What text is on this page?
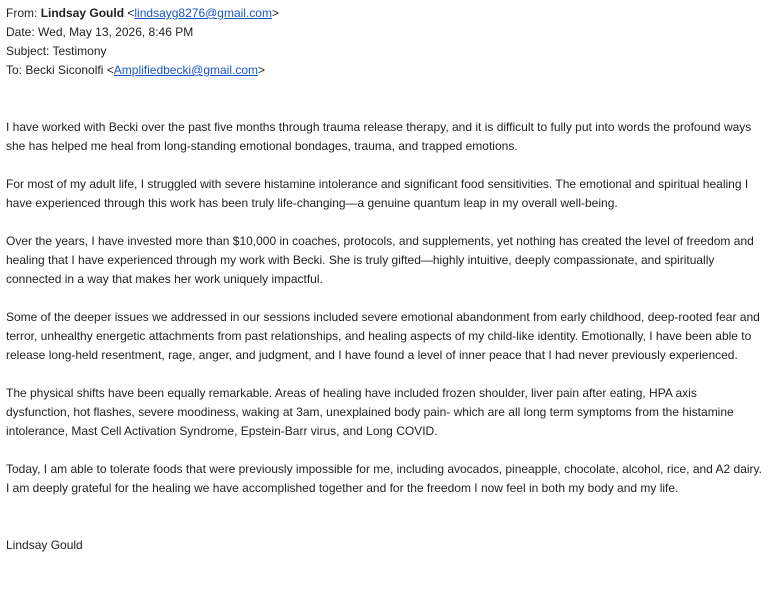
From: Lindsay Gould <lindsayg8276@gmail.com>
Date: Wed, May 13, 2026, 8:46 PM
Subject: Testimony
To: Becki Siconolfi <Amplifiedbecki@gmail.com>

I have worked with Becki over the past five months through trauma release therapy, and it is difficult to fully put into words the profound ways she has helped me heal from long-standing emotional bondages, trauma, and trapped emotions.

For most of my adult life, I struggled with severe histamine intolerance and significant food sensitivities. The emotional and spiritual healing I have experienced through this work has been truly life-changing—a genuine quantum leap in my overall well-being.

Over the years, I have invested more than $10,000 in coaches, protocols, and supplements, yet nothing has created the level of freedom and healing that I have experienced through my work with Becki. She is truly gifted—highly intuitive, deeply compassionate, and spiritually connected in a way that makes her work uniquely impactful.

Some of the deeper issues we addressed in our sessions included severe emotional abandonment from early childhood, deep-rooted fear and terror, unhealthy energetic attachments from past relationships, and healing aspects of my child-like identity. Emotionally, I have been able to release long-held resentment, rage, anger, and judgment, and I have found a level of inner peace that I had never previously experienced.

The physical shifts have been equally remarkable. Areas of healing have included frozen shoulder, liver pain after eating, HPA axis dysfunction, hot flashes, severe moodiness, waking at 3am, unexplained body pain- which are all long term symptoms from the histamine intolerance, Mast Cell Activation Syndrome, Epstein-Barr virus, and Long COVID.

Today, I am able to tolerate foods that were previously impossible for me, including avocados, pineapple, chocolate, alcohol, rice, and A2 dairy. I am deeply grateful for the healing we have accomplished together and for the freedom I now feel in both my body and my life.

Lindsay Gould
